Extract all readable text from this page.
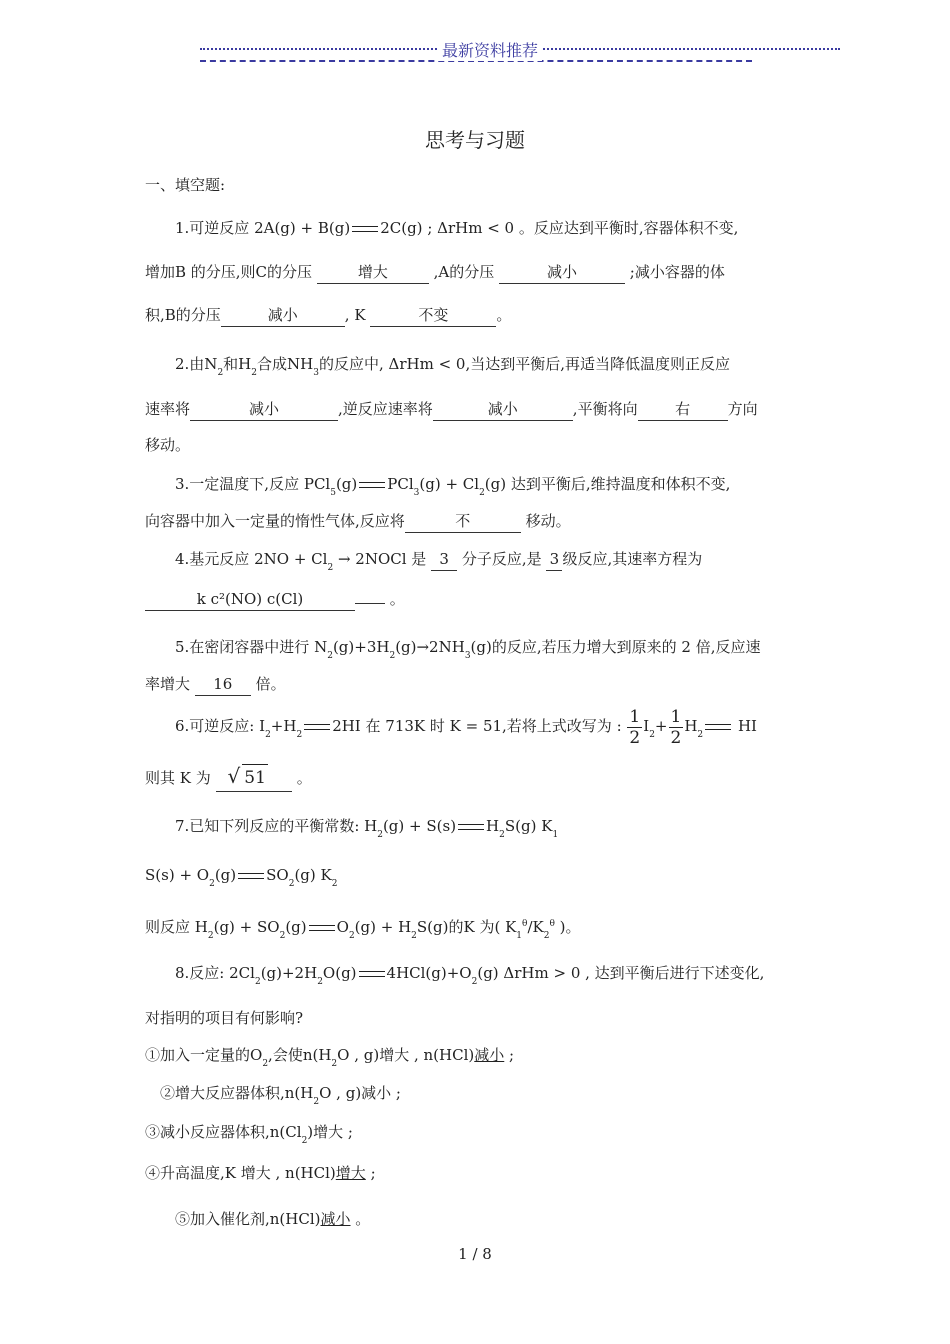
最新资料推荐
思考与习题
一、填空题:
1.可逆反应 2A(g) + B(g) 2C(g) ; ΔrHm < 0 。反应达到平衡时,容器体积不变,
增加B 的分压,则C的分压	增大	,A的分压	减小	;减小容器的体
积,B的分压	减小	, K	不变	。
2.由$N_2$和$H_2$合成$NH_3$的反应中, ΔrHm < 0,当达到平衡后,再适当降低温度则正反应
速率将	减小	,逆反应速率将	减小	,平衡将向 右	方向
移动。
3.一定温度下,反应 PCl$_5$(g) $PCl_3(g) + Cl_2(g)$ 达到平衡后,维持温度和体积不变,
向容器中加入一定量的惰性气体,反应将	不	移动。
4.基元反应 $2NO + Cl_2$ → 2NOCl 是 3 分子反应,是 3 级反应,其速率方程为
k c²(NO) c(Cl)	。
5.在密闭容器中进行 $N_2(g)+3H_2(g)\to 2NH_3(g)$的反应,若压力增大到原来的 2 倍,反应速
率增大 16 倍。
6.可逆反应: $I_2+H_2$ 2HI 在 713K 时 K = 51,若将上式改写为 : $\frac{1}{2} I_2+ \frac{1}{2} H_2$ HI
则其 K 为 √ 51 。
7.已知下列反应的平衡常数: $H_2(g) + S(s)$ $H_2S(g)$ $K_1$
$S(s) + O_2(g)$ $SO_2(g)$ $K_2$
则反应 $H_2(g) + SO_2(g) O_2(g) + H_2S(g)$的K 为( $K_1^\theta/K_2^\theta$ )。
8.反应: $2Cl_2(g)+2H_2O(g)$ $4HCl(g)+O_2(g) \Delta rHm > 0$ , 达到平衡后进行下述变化,
对指明的项目有何影响?
①加入一定量的$O_2$,会使$n(H_2O$ , g)增大 , n(HCl)减小 ;
②增大反应器体积$,n(H_2O$ , g)减小 ;
③减小反应器体积$,n(Cl_2)$增大 ;
④升高温度,K 增大 , n(HCl)增大 ;
⑤加入催化剂,n(HCl)减小 。
1 / 8
